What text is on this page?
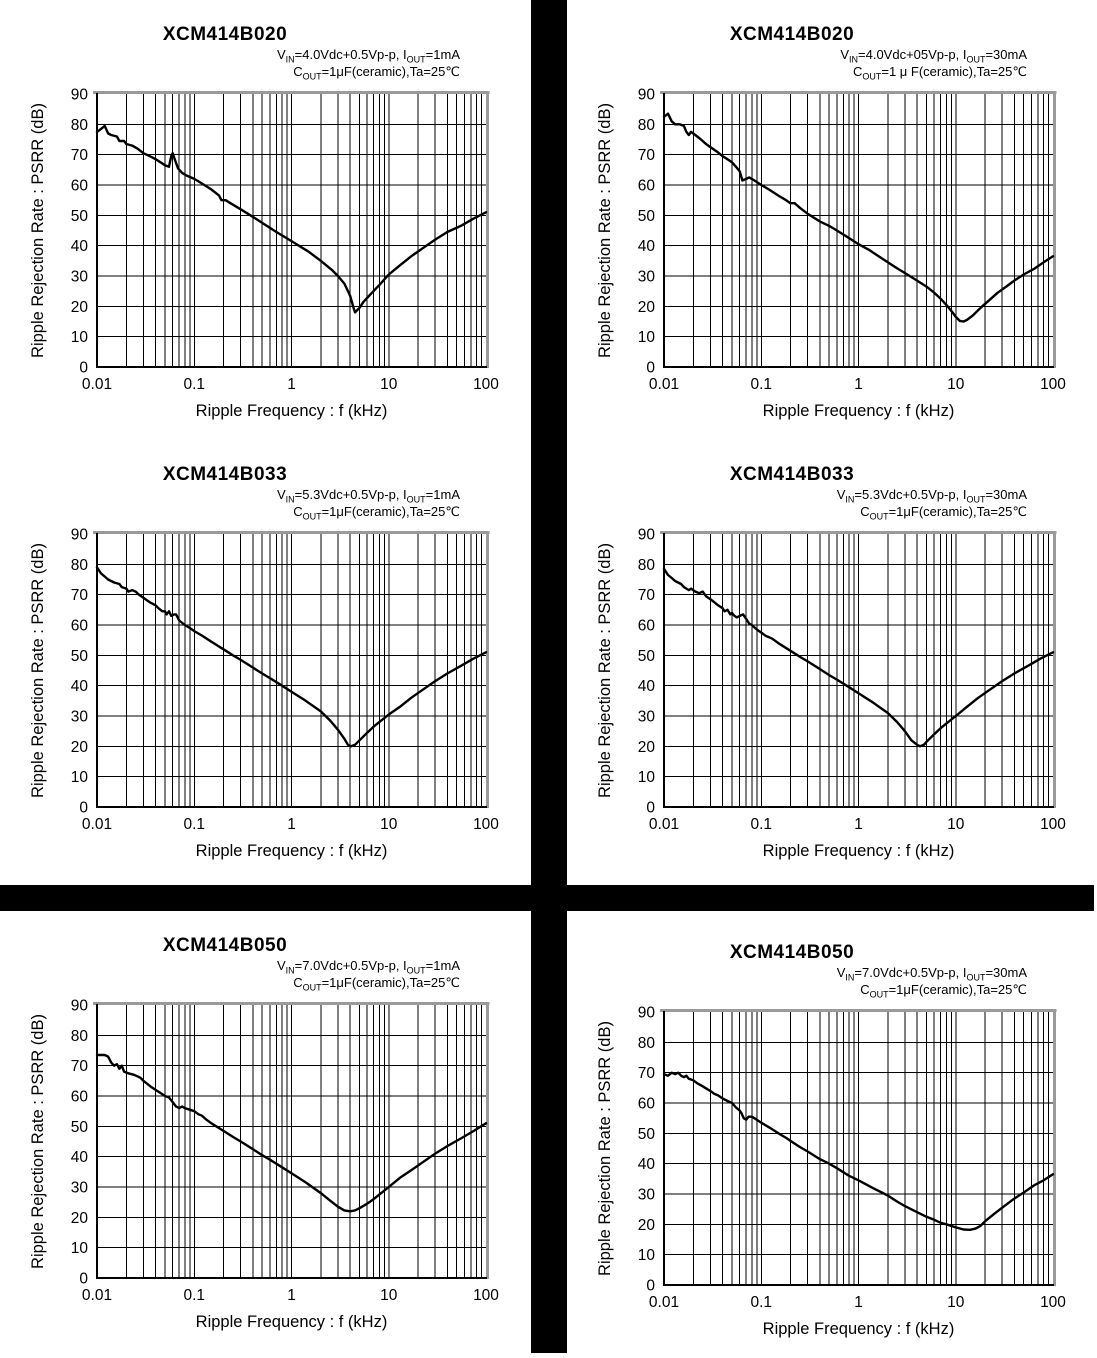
XCM414B020
$V_{IN}=4.0Vdc+0.5Vp-p$, $I_{OUT}=1mA$
$C_{OUT}=1\mu F(ceramic),Ta=25℃$
0
10
20
30
40
50
60
70
80
90
0.01	0.1	1	10	100
Ripple Frequency : f (kHz)
Ripple Rejection Rate : PSRR (dB)
XCM414B020
$V_{IN}=4.0Vdc+05Vp-p$, $I_{OUT}=30mA$
$C_{OUT}=1$ μ F(ceramic),Ta=25℃
0
10
20
30
40
50
60
70
80
90
0.01	0.1	1	10	100
Ripple Frequency : f (kHz)
Ripple Rejection Rate : PSRR (dB)
XCM414B033
$V_{IN}=5.3Vdc+0.5Vp-p$, $I_{OUT}=1mA$
$C_{OUT}=1\mu F(ceramic),Ta=25℃$
0
10
20
30
40
50
60
70
80
90
0.01	0.1	1	10	100
Ripple Frequency : f (kHz)
Ripple Rejection Rate : PSRR (dB)
XCM414B033
$V_{IN}=5.3Vdc+0.5Vp-p$, $I_{OUT}=30mA$
$C_{OUT}=1\mu F(ceramic),Ta=25℃$
0
10
20
30
40
50
60
70
80
90
0.01	0.1	1	10	100
Ripple Frequency : f (kHz)
Ripple Rejection Rate : PSRR (dB)
XCM414B050
$V_{IN}=7.0Vdc+0.5Vp-p$, $I_{OUT}=1mA$
$C_{OUT}=1\mu F(ceramic),Ta=25℃$
0
10
20
30
40
50
60
70
80
90
0.01	0.1	1	10	100
Ripple Frequency : f (kHz)
Ripple Rejection Rate : PSRR (dB)
XCM414B050
$V_{IN}=7.0Vdc+0.5Vp-p$, $I_{OUT}=30mA$
$C_{OUT}=1\mu F(ceramic),Ta=25℃$
0
10
20
30
40
50
60
70
80
90
0.01	0.1	1	10	100
Ripple Frequency : f (kHz)
Ripple Rejection Rate : PSRR (dB)
